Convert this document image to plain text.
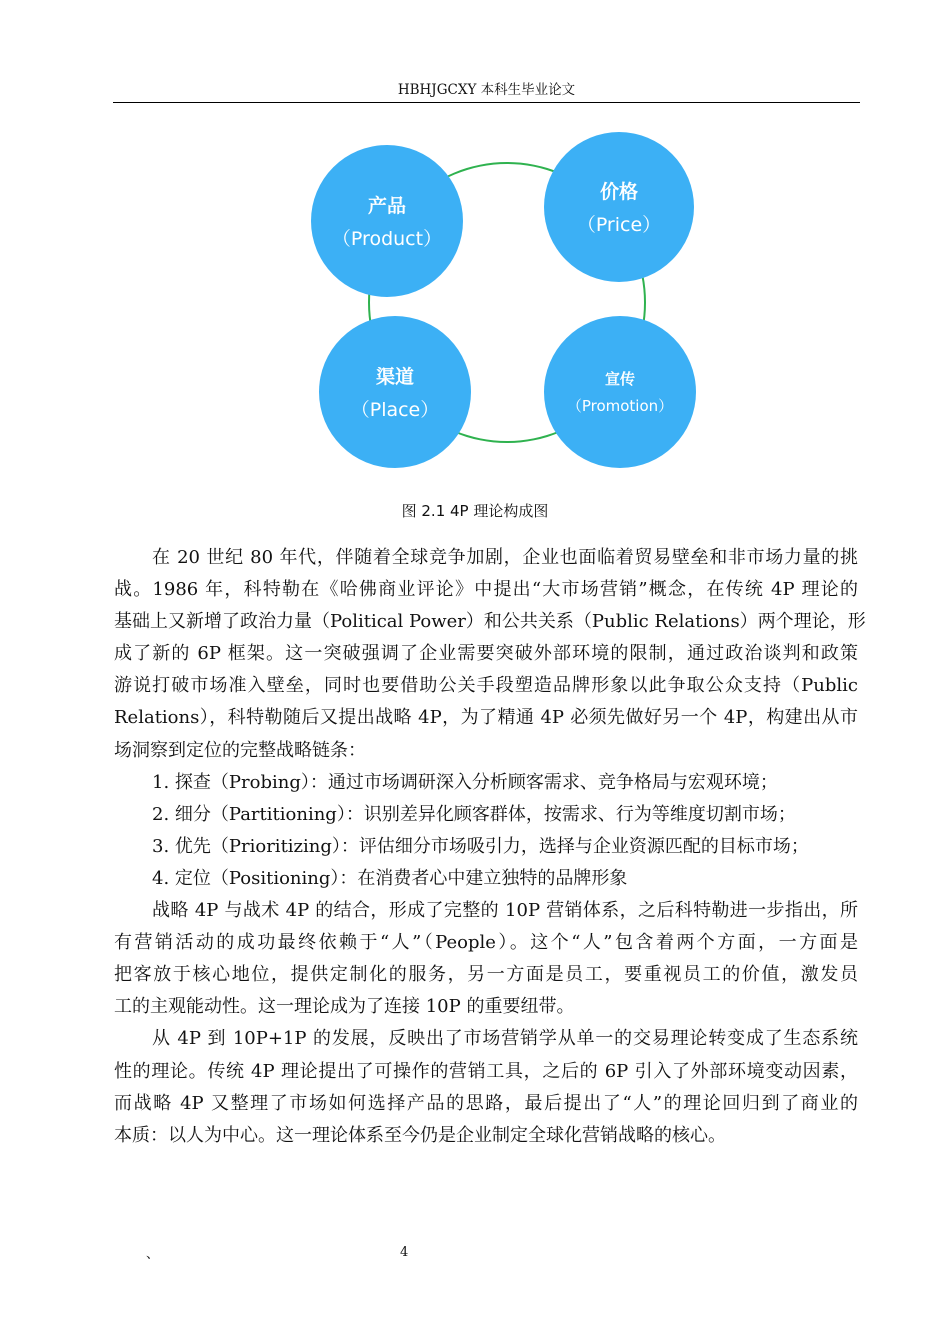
HBHJGCXY 本科生毕业论文
产品
（Product）
价格
（Price）
渠道
（Place）
宣传
（Promotion）
图 2.1 4P 理论构成图
在 20 世纪 80 年代，伴随着全球竞争加剧，企业也面临着贸易壁垒和非市场力量的挑
战。1986 年，科特勒在《哈佛商业评论》中提出“大市场营销”概念，在传统 4P 理论的
基础上又新增了政治力量（Political Power）和公共关系（Public Relations）两个理论，形
成了新的 6P 框架。这一突破强调了企业需要突破外部环境的限制，通过政治谈判和政策
游说打破市场准入壁垒，同时也要借助公关手段塑造品牌形象以此争取公众支持（Public
Relations），科特勒随后又提出战略 4P，为了精通 4P 必须先做好另一个 4P，构建出从市
场洞察到定位的完整战略链条：
1. 探查（Probing）：通过市场调研深入分析顾客需求、竞争格局与宏观环境；
2. 细分（Partitioning）：识别差异化顾客群体，按需求、行为等维度切割市场；
3. 优先（Prioritizing）：评估细分市场吸引力，选择与企业资源匹配的目标市场；
4. 定位（Positioning）：在消费者心中建立独特的品牌形象
战略 4P 与战术 4P 的结合，形成了完整的 10P 营销体系，之后科特勒进一步指出，所
有营销活动的成功最终依赖于“人”（People）。这个“人”包含着两个方面，一方面是
把客放于核心地位，提供定制化的服务，另一方面是员工，要重视员工的价值，激发员
工的主观能动性。这一理论成为了连接 10P 的重要纽带。
从 4P 到 10P+1P 的发展，反映出了市场营销学从单一的交易理论转变成了生态系统
性的理论。传统 4P 理论提出了可操作的营销工具，之后的 6P 引入了外部环境变动因素，
而战略 4P 又整理了市场如何选择产品的思路，最后提出了“人”的理论回归到了商业的
本质：以人为中心。这一理论体系至今仍是企业制定全球化营销战略的核心。
、	4
